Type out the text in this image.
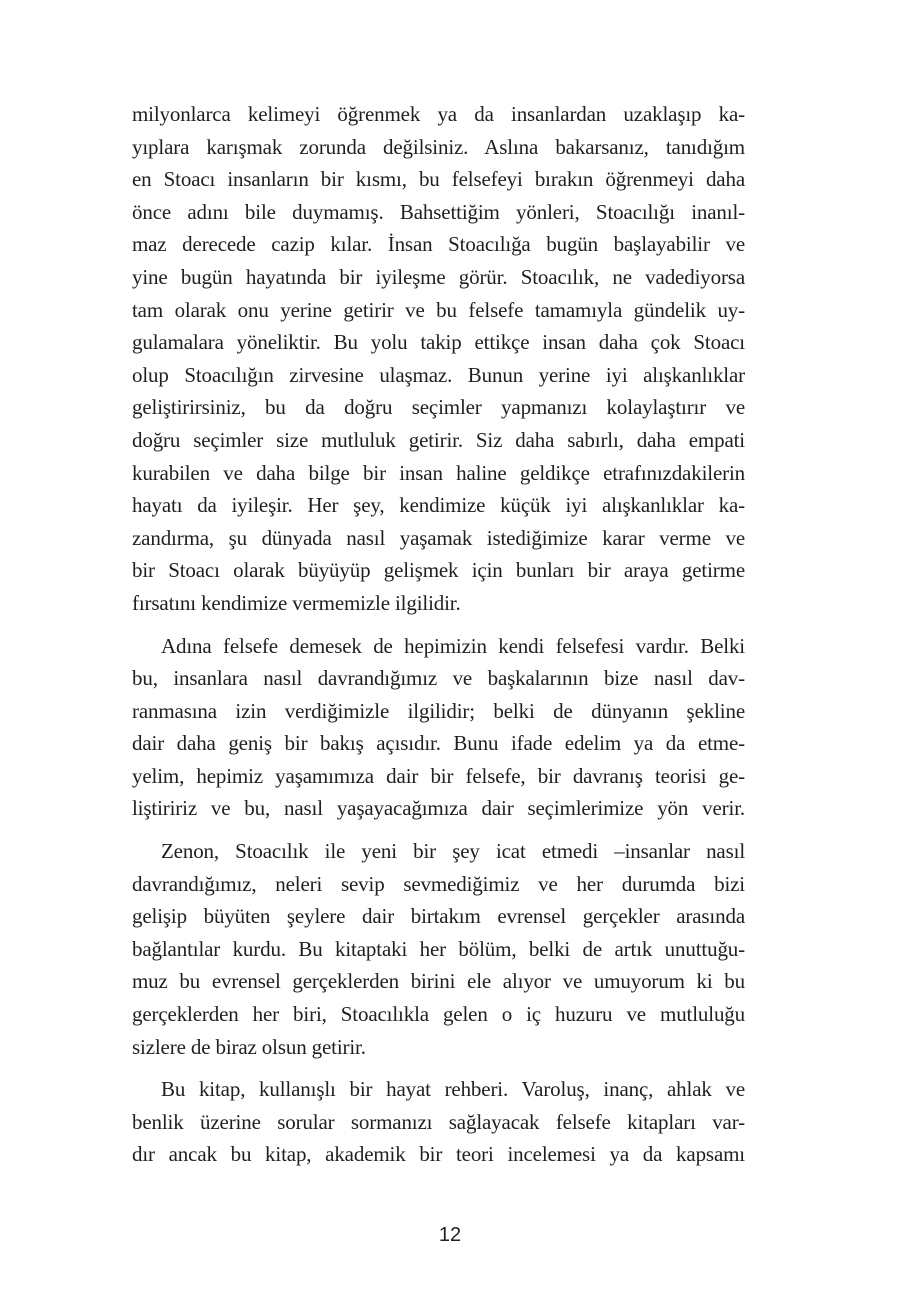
milyonlarca kelimeyi öğrenmek ya da insanlardan uzaklaşıp ka-
yıplara karışmak zorunda değilsiniz. Aslına bakarsanız, tanıdığım
en Stoacı insanların bir kısmı, bu felsefeyi bırakın öğrenmeyi daha
önce adını bile duymamış. Bahsettiğim yönleri, Stoacılığı inanıl-
maz derecede cazip kılar. İnsan Stoacılığa bugün başlayabilir ve
yine bugün hayatında bir iyileşme görür. Stoacılık, ne vadediyorsa
tam olarak onu yerine getirir ve bu felsefe tamamıyla gündelik uy-
gulamalara yöneliktir. Bu yolu takip ettikçe insan daha çok Stoacı
olup Stoacılığın zirvesine ulaşmaz. Bunun yerine iyi alışkanlıklar
geliştirirsiniz, bu da doğru seçimler yapmanızı kolaylaştırır ve
doğru seçimler size mutluluk getirir. Siz daha sabırlı, daha empati
kurabilen ve daha bilge bir insan haline geldikçe etrafınızdakilerin
hayatı da iyileşir. Her şey, kendimize küçük iyi alışkanlıklar ka-
zandırma, şu dünyada nasıl yaşamak istediğimize karar verme ve
bir Stoacı olarak büyüyüp gelişmek için bunları bir araya getirme
fırsatını kendimize vermemizle ilgilidir.

Adına felsefe demesek de hepimizin kendi felsefesi vardır. Belki
bu, insanlara nasıl davrandığımız ve başkalarının bize nasıl dav-
ranmasına izin verdiğimizle ilgilidir; belki de dünyanın şekline
dair daha geniş bir bakış açısıdır. Bunu ifade edelim ya da etme-
yelim, hepimiz yaşamımıza dair bir felsefe, bir davranış teorisi ge-
liştiririz ve bu, nasıl yaşayacağımıza dair seçimlerimize yön verir.

Zenon, Stoacılık ile yeni bir şey icat etmedi –insanlar nasıl
davrandığımız, neleri sevip sevmediğimiz ve her durumda bizi
gelişip büyüten şeylere dair birtakım evrensel gerçekler arasında
bağlantılar kurdu. Bu kitaptaki her bölüm, belki de artık unuttuğu-
muz bu evrensel gerçeklerden birini ele alıyor ve umuyorum ki bu
gerçeklerden her biri, Stoacılıkla gelen o iç huzuru ve mutluluğu
sizlere de biraz olsun getirir.

Bu kitap, kullanışlı bir hayat rehberi. Varoluş, inanç, ahlak ve
benlik üzerine sorular sormanızı sağlayacak felsefe kitapları var-
dır ancak bu kitap, akademik bir teori incelemesi ya da kapsamı

12
